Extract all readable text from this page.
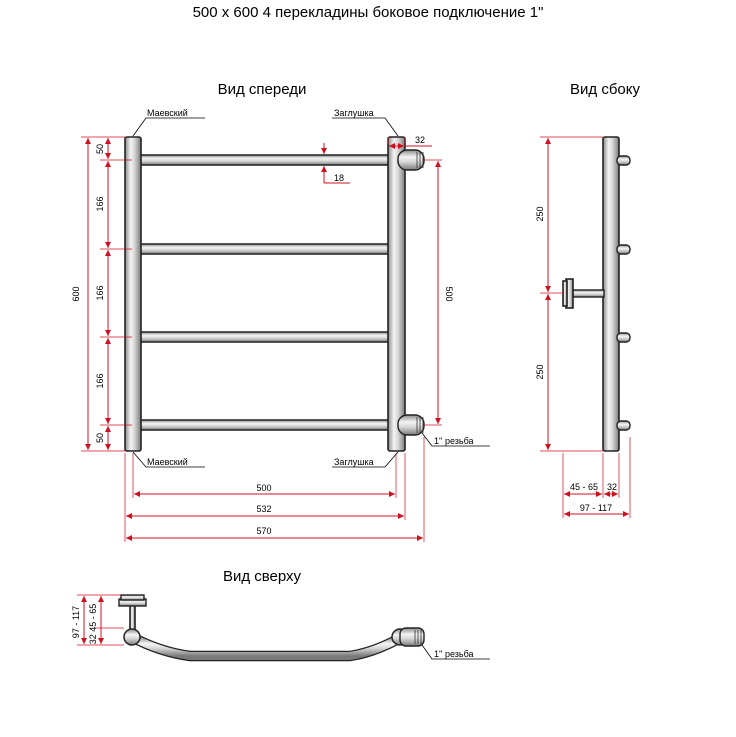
500 х 600 4 перекладины боковое подключение 1"
Вид спереди	Вид сбоку
Вид сверху
Маевский	Заглушка
Маевский	Заглушка
1'' резьба
600
50
166
166
166
50
32
18
500
500
532
570
250
250
45 - 65 32
97 - 117
1'' резьба
97 - 117 32 45 - 65
